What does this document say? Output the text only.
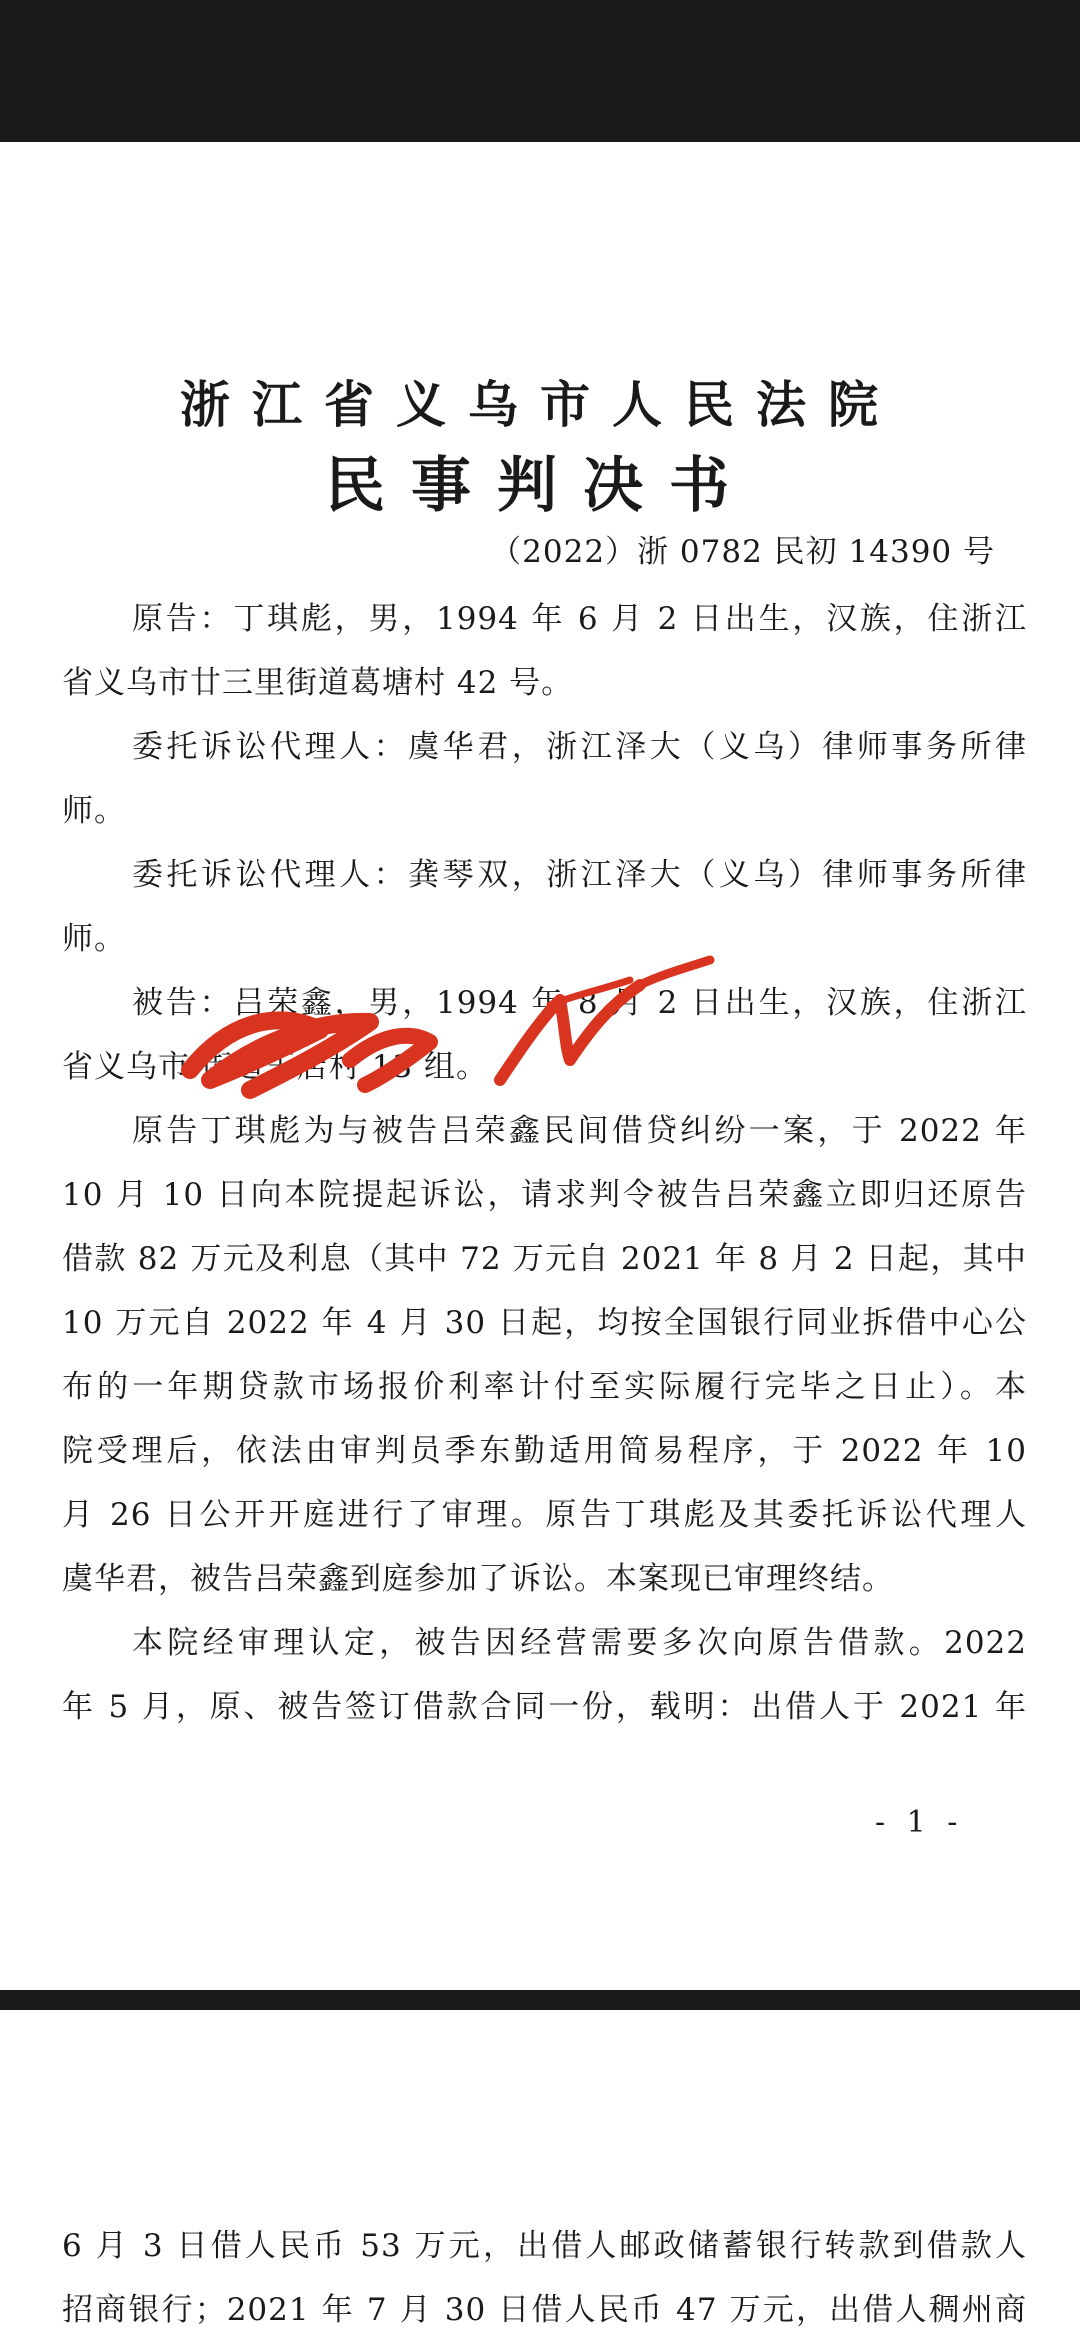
浙江省义乌市人民法院
民事判决书
（2022）浙 0782 民初 14390 号
原告：丁琪彪，男，1994 年 6 月 2 日出生，汉族，住浙江
省义乌市廿三里街道葛塘村 42 号。
委托诉讼代理人：虞华君，浙江泽大（义乌）律师事务所律
师。
委托诉讼代理人：龚琴双，浙江泽大（义乌）律师事务所律
师。
被告：吕荣鑫，男，1994 年 8 月 2 日出生，汉族，住浙江
省义乌市 街道王店村 13 组。
原告丁琪彪为与被告吕荣鑫民间借贷纠纷一案，于 2022 年
10 月 10 日向本院提起诉讼，请求判令被告吕荣鑫立即归还原告
借款 82 万元及利息（其中 72 万元自 2021 年 8 月 2 日起，其中
10 万元自 2022 年 4 月 30 日起，均按全国银行同业拆借中心公
布的一年期贷款市场报价利率计付至实际履行完毕之日止）。本
院受理后，依法由审判员季东勤适用简易程序，于 2022 年 10
月 26 日公开开庭进行了审理。原告丁琪彪及其委托诉讼代理人
虞华君，被告吕荣鑫到庭参加了诉讼。本案现已审理终结。
本院经审理认定，被告因经营需要多次向原告借款。2022
年 5 月，原、被告签订借款合同一份，载明：出借人于 2021 年
- 1 -
6 月 3 日借人民币 53 万元，出借人邮政储蓄银行转款到借款人
招商银行；2021 年 7 月 30 日借人民币 47 万元，出借人稠州商
